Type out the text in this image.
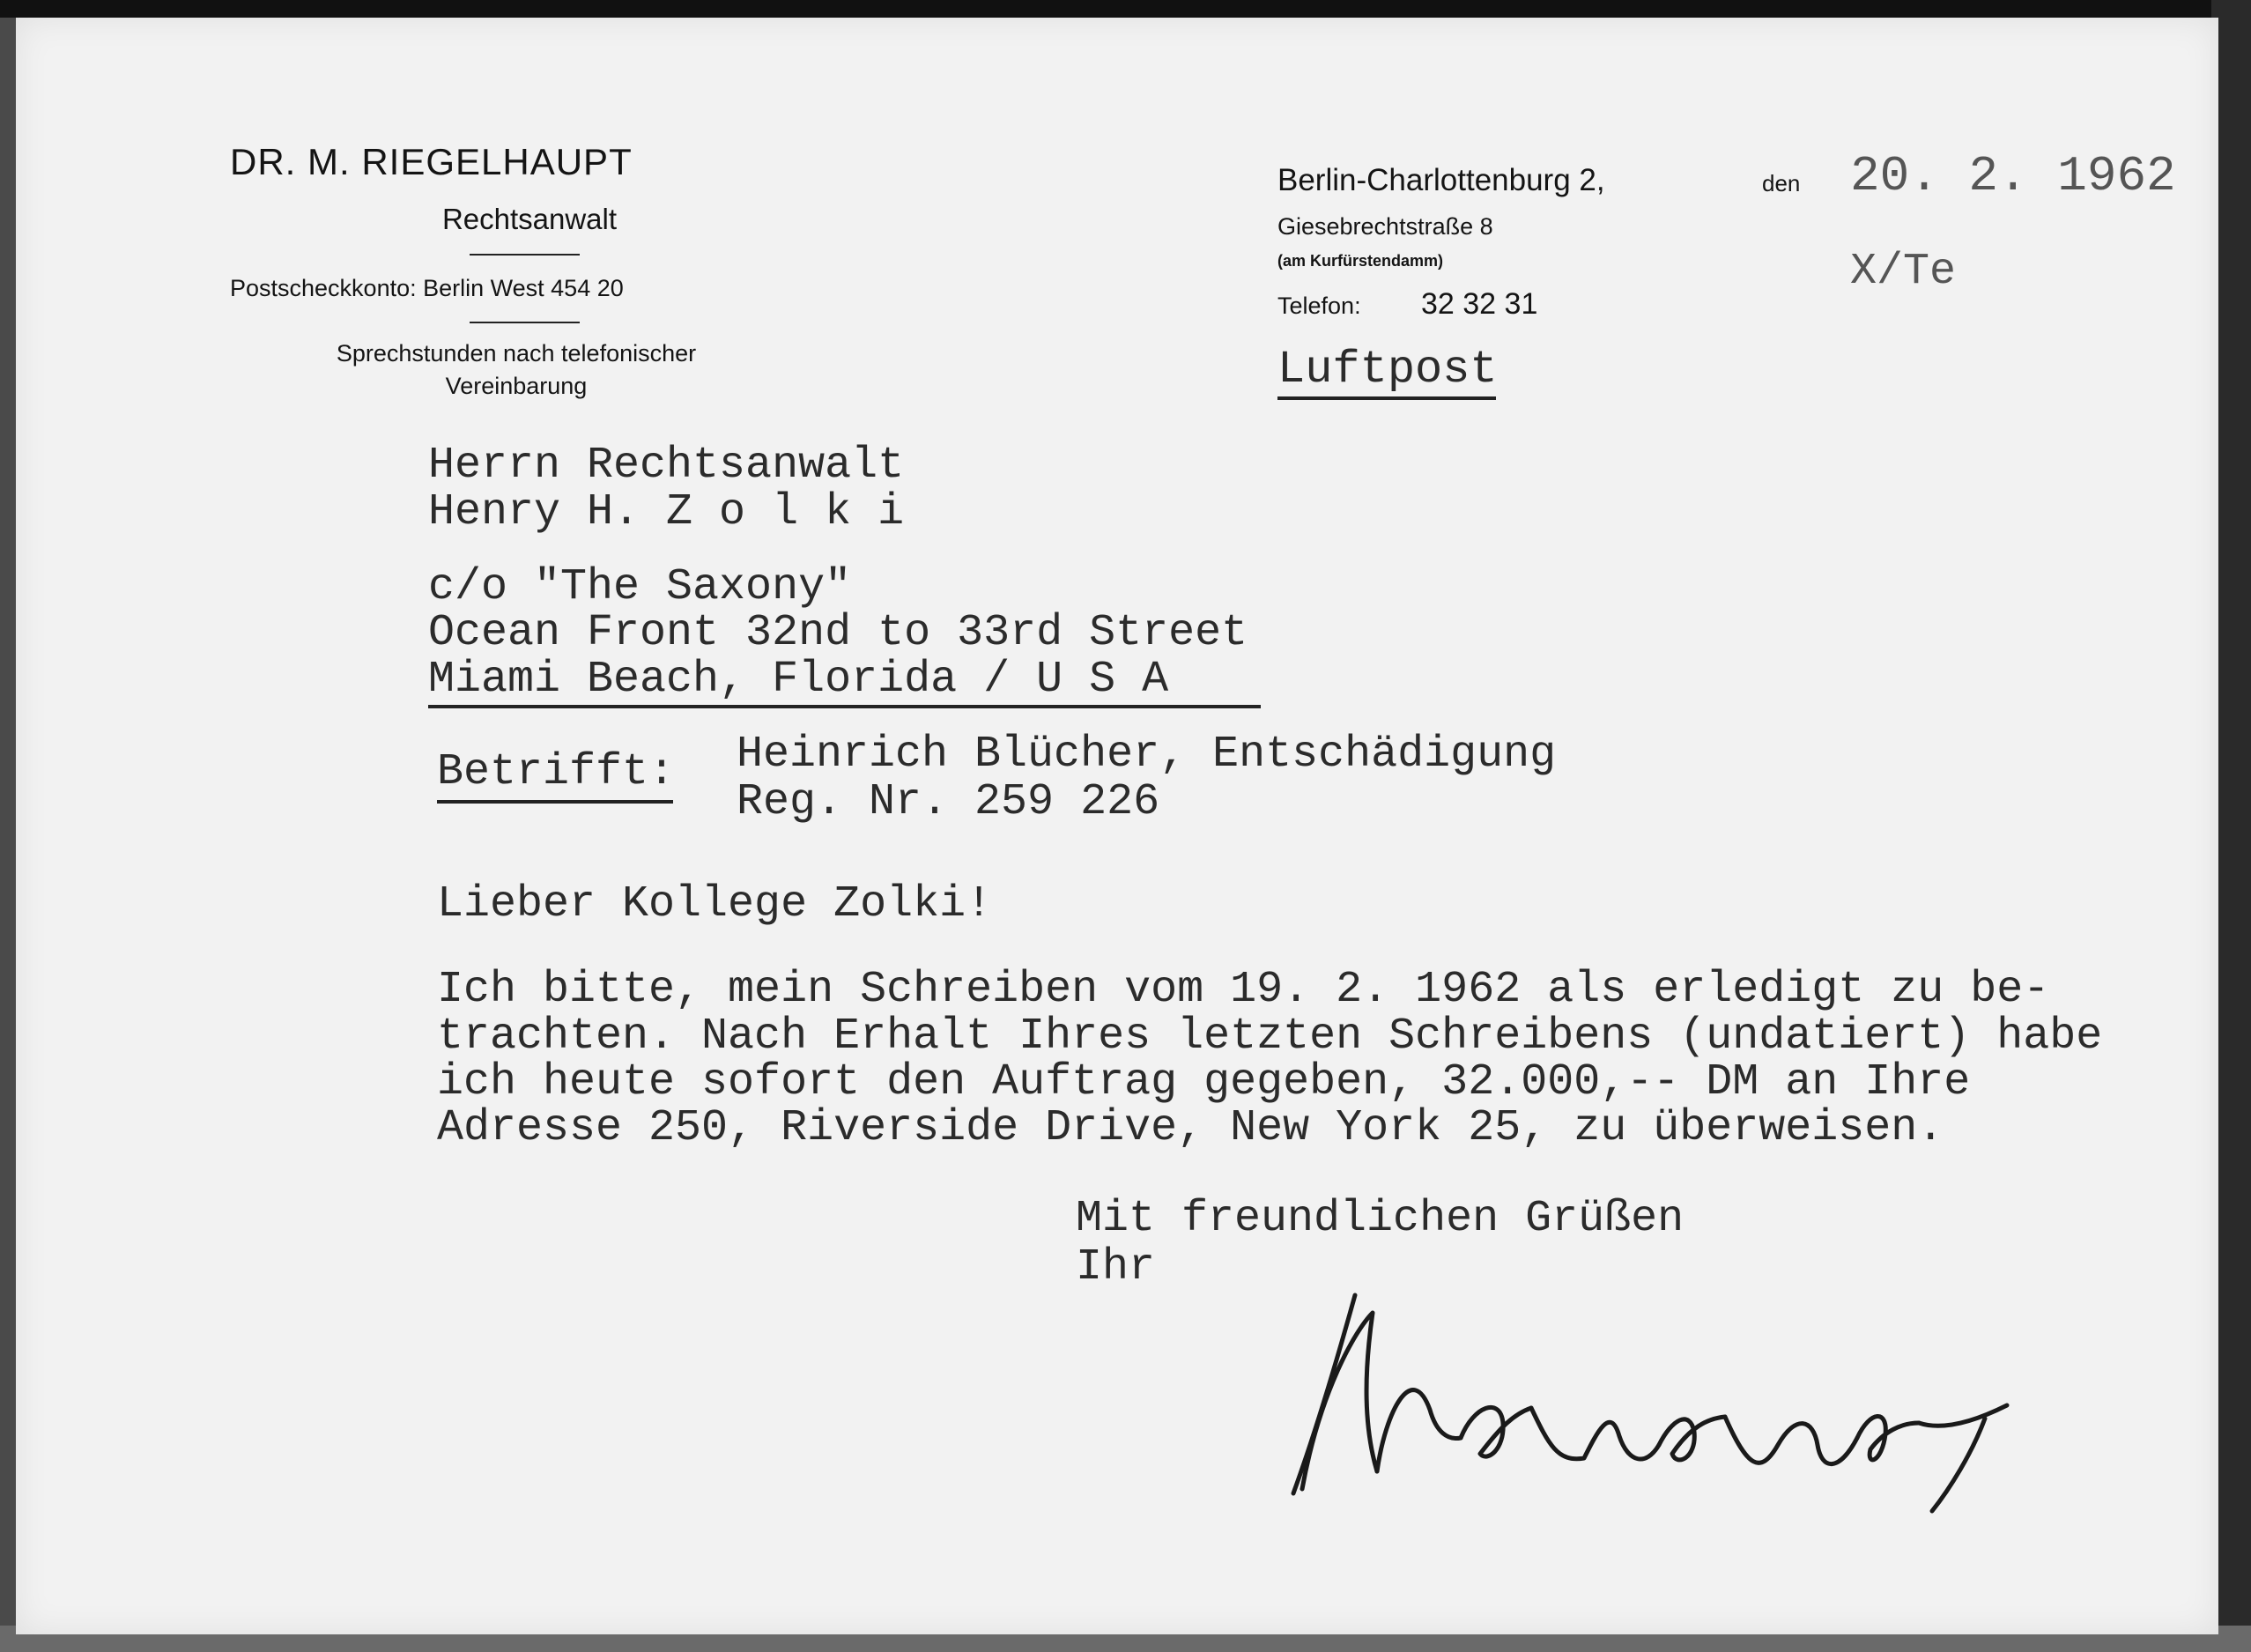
DR. M. RIEGELHAUPT
Rechtsanwalt
Postscheckkonto: Berlin West 454 20
Sprechstunden nach telefonischer
Vereinbarung
Berlin-Charlottenburg 2,	den
Giesebrechtstraße 8
(am Kurfürstendamm)
Telefon: 32 32 31
20. 2. 1962
X/Te
Luftpost
Herrn Rechtsanwalt
Henry H. Z o l k i
c/o "The Saxony"
Ocean Front 32nd to 33rd Street
Miami Beach, Florida / U S A
Betrifft: Heinrich Blücher, Entschädigung
Reg. Nr. 259 226
Lieber Kollege Zolki!
Ich bitte, mein Schreiben vom 19. 2. 1962 als erledigt zu be-
trachten. Nach Erhalt Ihres letzten Schreibens (undatiert) habe
ich heute sofort den Auftrag gegeben, 32.000,-- DM an Ihre
Adresse 250, Riverside Drive, New York 25, zu überweisen.
Mit freundlichen Grüßen
Ihr
